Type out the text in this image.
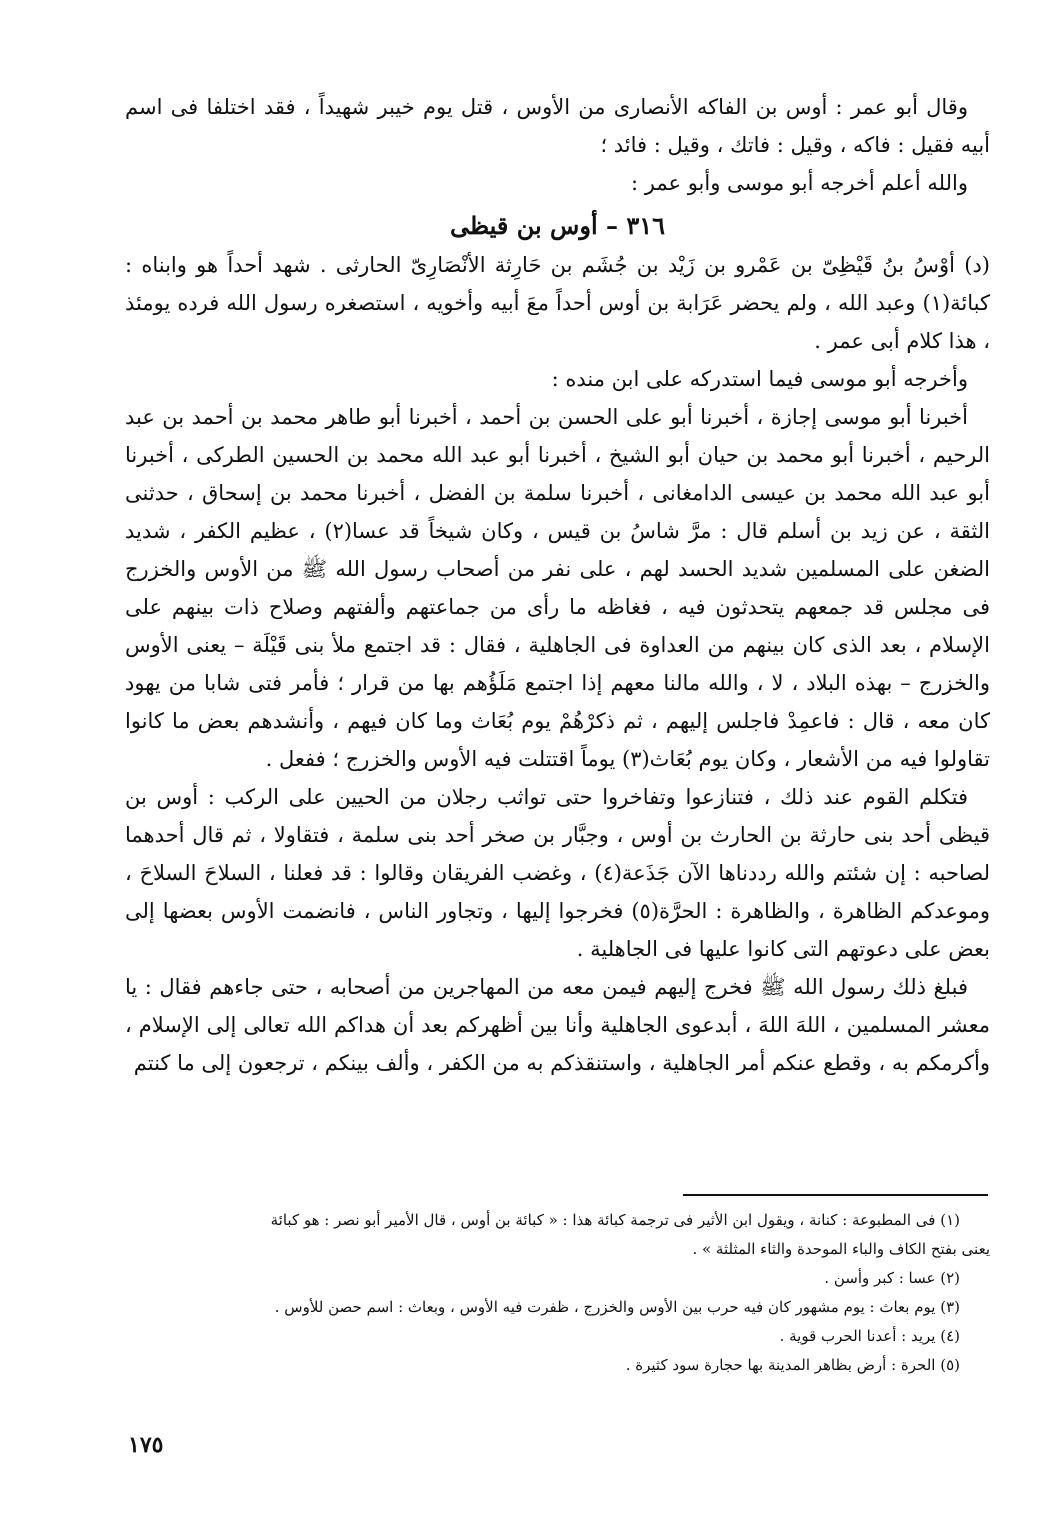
وقال أبو عمر : أوس بن الفاكه الأنصارى من الأوس ، قتل يوم خيبر شهيداً ، فقد اختلفا فى اسم أبيه فقيل : فاكه ، وقيل : فاتك ، وقيل : فائد ؛

والله أعلم أخرجه أبو موسى وأبو عمر :

٣١٦ – أوس بن قيظى

(د) أوْسُ بنُ قَيْظِىّ بن عَمْرو بن زَيْد بن جُشَم بن حَارِثة الأنْصَارِىّ الحارثى . شهد أحداً هو وابناه : كبائة(١) وعبد الله ، ولم يحضر عَرَابة بن أوس أحداً معَ أبيه وأخويه ، استصغره رسول الله فرده يومئذ ، هذا كلام أبى عمر .

وأخرجه أبو موسى فيما استدركه على ابن منده :

أخبرنا أبو موسى إجازة ، أخبرنا أبو على الحسن بن أحمد ، أخبرنا أبو طاهر محمد بن أحمد بن عبد الرحيم ، أخبرنا أبو محمد بن حيان أبو الشيخ ، أخبرنا أبو عبد الله محمد بن الحسين الطركى ، أخبرنا أبو عبد الله محمد بن عيسى الدامغانى ، أخبرنا سلمة بن الفضل ، أخبرنا محمد بن إسحاق ، حدثنى الثقة ، عن زيد بن أسلم قال : مرَّ شاسُ بن قيس ، وكان شيخاً قد عسا(٢) ، عظيم الكفر ، شديد الضغن على المسلمين شديد الحسد لهم ، على نفر من أصحاب رسول الله ﷺ من الأوس والخزرج فى مجلس قد جمعهم يتحدثون فيه ، فغاظه ما رأى من جماعتهم وألفتهم وصلاح ذات بينهم على الإسلام ، بعد الذى كان بينهم من العداوة فى الجاهلية ، فقال : قد اجتمع ملأ بنى قَيْلَة – يعنى الأوس والخزرج – بهذه البلاد ، لا ، والله مالنا معهم إذا اجتمع مَلَؤُهم بها من قرار ؛ فأمر فتى شابا من يهود كان معه ، قال : فاعمِدْ فاجلس إليهم ، ثم ذكرْهُمْ يوم بُعَاث وما كان فيهم ، وأنشدهم بعض ما كانوا تقاولوا فيه من الأشعار ، وكان يوم بُعَاث(٣) يوماً اقتتلت فيه الأوس والخزرج ؛ ففعل .

فتكلم القوم عند ذلك ، فتنازعوا وتفاخروا حتى تواثب رجلان من الحيين على الركب : أوس بن قيظى أحد بنى حارثة بن الحارث بن أوس ، وجبَّار بن صخر أحد بنى سلمة ، فتقاولا ، ثم قال أحدهما لصاحبه : إن شئتم والله رددناها الآن جَذَعة(٤) ، وغضب الفريقان وقالوا : قد فعلنا ، السلاحَ السلاحَ ، وموعدكم الظاهرة ، والظاهرة : الحرَّة(٥) فخرجوا إليها ، وتجاور الناس ، فانضمت الأوس بعضها إلى بعض على دعوتهم التى كانوا عليها فى الجاهلية .

فبلغ ذلك رسول الله ﷺ فخرج إليهم فيمن معه من المهاجرين من أصحابه ، حتى جاءهم فقال : يا معشر المسلمين ، اللهَ اللهَ ، أبدعوى الجاهلية وأنا بين أظهركم بعد أن هداكم الله تعالى إلى الإسلام ، وأكرمكم به ، وقطع عنكم أمر الجاهلية ، واستنقذكم به من الكفر ، وألف بينكم ، ترجعون إلى ما كنتم

(١) فى المطبوعة : كنانة ، ويقول ابن الأثير فى ترجمة كبائة هذا : « كبائة بن أوس ، قال الأمير أبو نصر : هو كبائة

يعنى بفتح الكاف والباء الموحدة والثاء المثلثة » .

(٢) عسا : كبر وأسن .

(٣) يوم بعاث : يوم مشهور كان فيه حرب بين الأوس والخزرج ، ظفرت فيه الأوس ، وبعاث : اسم حصن للأوس .

(٤) يريد : أعدنا الحرب قوية .

(٥) الحرة : أرض بظاهر المدينة بها حجارة سود كثيرة .

١٧٥
